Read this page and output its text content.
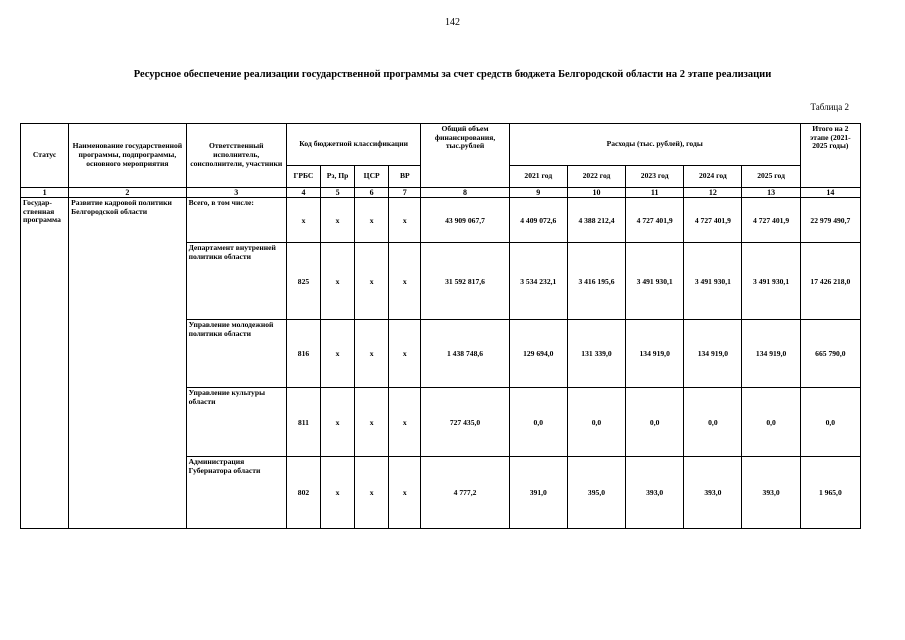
142
Ресурсное обеспечение реализации государственной программы за счет средств бюджета Белгородской области на 2 этапе реализации
Таблица 2
Статус	Наименование государственной программы, подпрограммы, основного мероприятия	Ответственный исполнитель, соисполнители, участники	Код бюджетной классификации				Общий объем финансирования, тыс.рублей	Расходы (тыс. рублей), годы					Итого на 2 этапе (2021-2025 годы)
			ГРБС	Рз, Пр	ЦСР	ВР		2021 год	2022 год	2023 год	2024 год	2025 год	
1	2	3	4	5	6	7	8	9	10	11	12	13	14
Государ-ственная программа	Развитие кадровой политики Белгородской области	Всего, в том числе:	x	x	x	x	43 909 067,7	4 409 072,6	4 388 212,4	4 727 401,9	4 727 401,9	4 727 401,9	22 979 490,7
		Департамент внутренней политики области	825	x	x	x	31 592 817,6	3 534 232,1	3 416 195,6	3 491 930,1	3 491 930,1	3 491 930,1	17 426 218,0
		Управление молодежной политики области	816	x	x	x	1 438 748,6	129 694,0	131 339,0	134 919,0	134 919,0	134 919,0	665 790,0
		Управление культуры области	811	x	x	x	727 435,0	0,0	0,0	0,0	0,0	0,0	0,0
		Администрация Губернатора области	802	x	x	x	4 777,2	391,0	395,0	393,0	393,0	393,0	1 965,0
